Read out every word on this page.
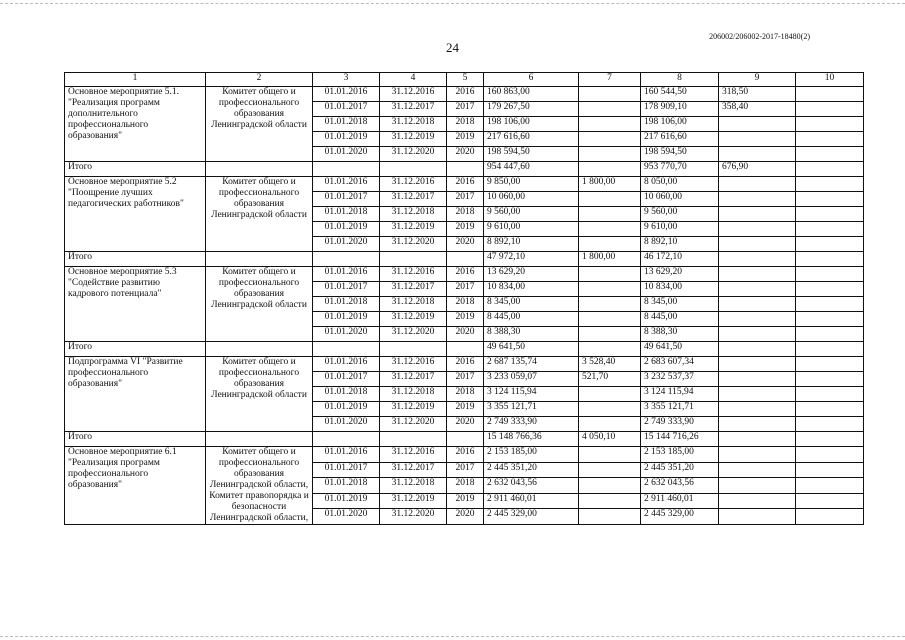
206002/206002-2017-18480(2)
24
1	2	3	4	5	6	7	8	9	10
Основное мероприятие 5.1. "Реализация программ дополнительного профессионального образования"	Комитет общего и профессионального образования Ленинградской области	01.01.2016	31.12.2016	2016	160 863,00		160 544,50	318,50	
		01.01.2017	31.12.2017	2017	179 267,50		178 909,10	358,40	
		01.01.2018	31.12.2018	2018	198 106,00		198 106,00		
		01.01.2019	31.12.2019	2019	217 616,60		217 616,60		
		01.01.2020	31.12.2020	2020	198 594,50		198 594,50		
Итого					954 447,60		953 770,70	676,90	
Основное мероприятие 5.2 "Поощрение лучших педагогических работников"	Комитет общего и профессионального образования Ленинградской области	01.01.2016	31.12.2016	2016	9 850,00	1 800,00	8 050,00		
		01.01.2017	31.12.2017	2017	10 060,00		10 060,00		
		01.01.2018	31.12.2018	2018	9 560,00		9 560,00		
		01.01.2019	31.12.2019	2019	9 610,00		9 610,00		
		01.01.2020	31.12.2020	2020	8 892,10		8 892,10		
Итого					47 972,10	1 800,00	46 172,10		
Основное мероприятие 5.3 "Содействие развитию кадрового потенциала"	Комитет общего и профессионального образования Ленинградской области	01.01.2016	31.12.2016	2016	13 629,20		13 629,20		
		01.01.2017	31.12.2017	2017	10 834,00		10 834,00		
		01.01.2018	31.12.2018	2018	8 345,00		8 345,00		
		01.01.2019	31.12.2019	2019	8 445,00		8 445,00		
		01.01.2020	31.12.2020	2020	8 388,30		8 388,30		
Итого					49 641,50		49 641,50		
Подпрограмма VI "Развитие профессионального образования"	Комитет общего и профессионального образования Ленинградской области	01.01.2016	31.12.2016	2016	2 687 135,74	3 528,40	2 683 607,34		
		01.01.2017	31.12.2017	2017	3 233 059,07	521,70	3 232 537,37		
		01.01.2018	31.12.2018	2018	3 124 115,94		3 124 115,94		
		01.01.2019	31.12.2019	2019	3 355 121,71		3 355 121,71		
		01.01.2020	31.12.2020	2020	2 749 333,90		2 749 333,90		
Итого					15 148 766,36	4 050,10	15 144 716,26		
Основное мероприятие 6.1 "Реализация программ профессионального образования"	Комитет общего и профессионального образования Ленинградской области, Комитет правопорядка и безопасности Ленинградской области,	01.01.2016	31.12.2016	2016	2 153 185,00		2 153 185,00		
		01.01.2017	31.12.2017	2017	2 445 351,20		2 445 351,20		
		01.01.2018	31.12.2018	2018	2 632 043,56		2 632 043,56		
		01.01.2019	31.12.2019	2019	2 911 460,01		2 911 460,01		
		01.01.2020	31.12.2020	2020	2 445 329,00		2 445 329,00		
